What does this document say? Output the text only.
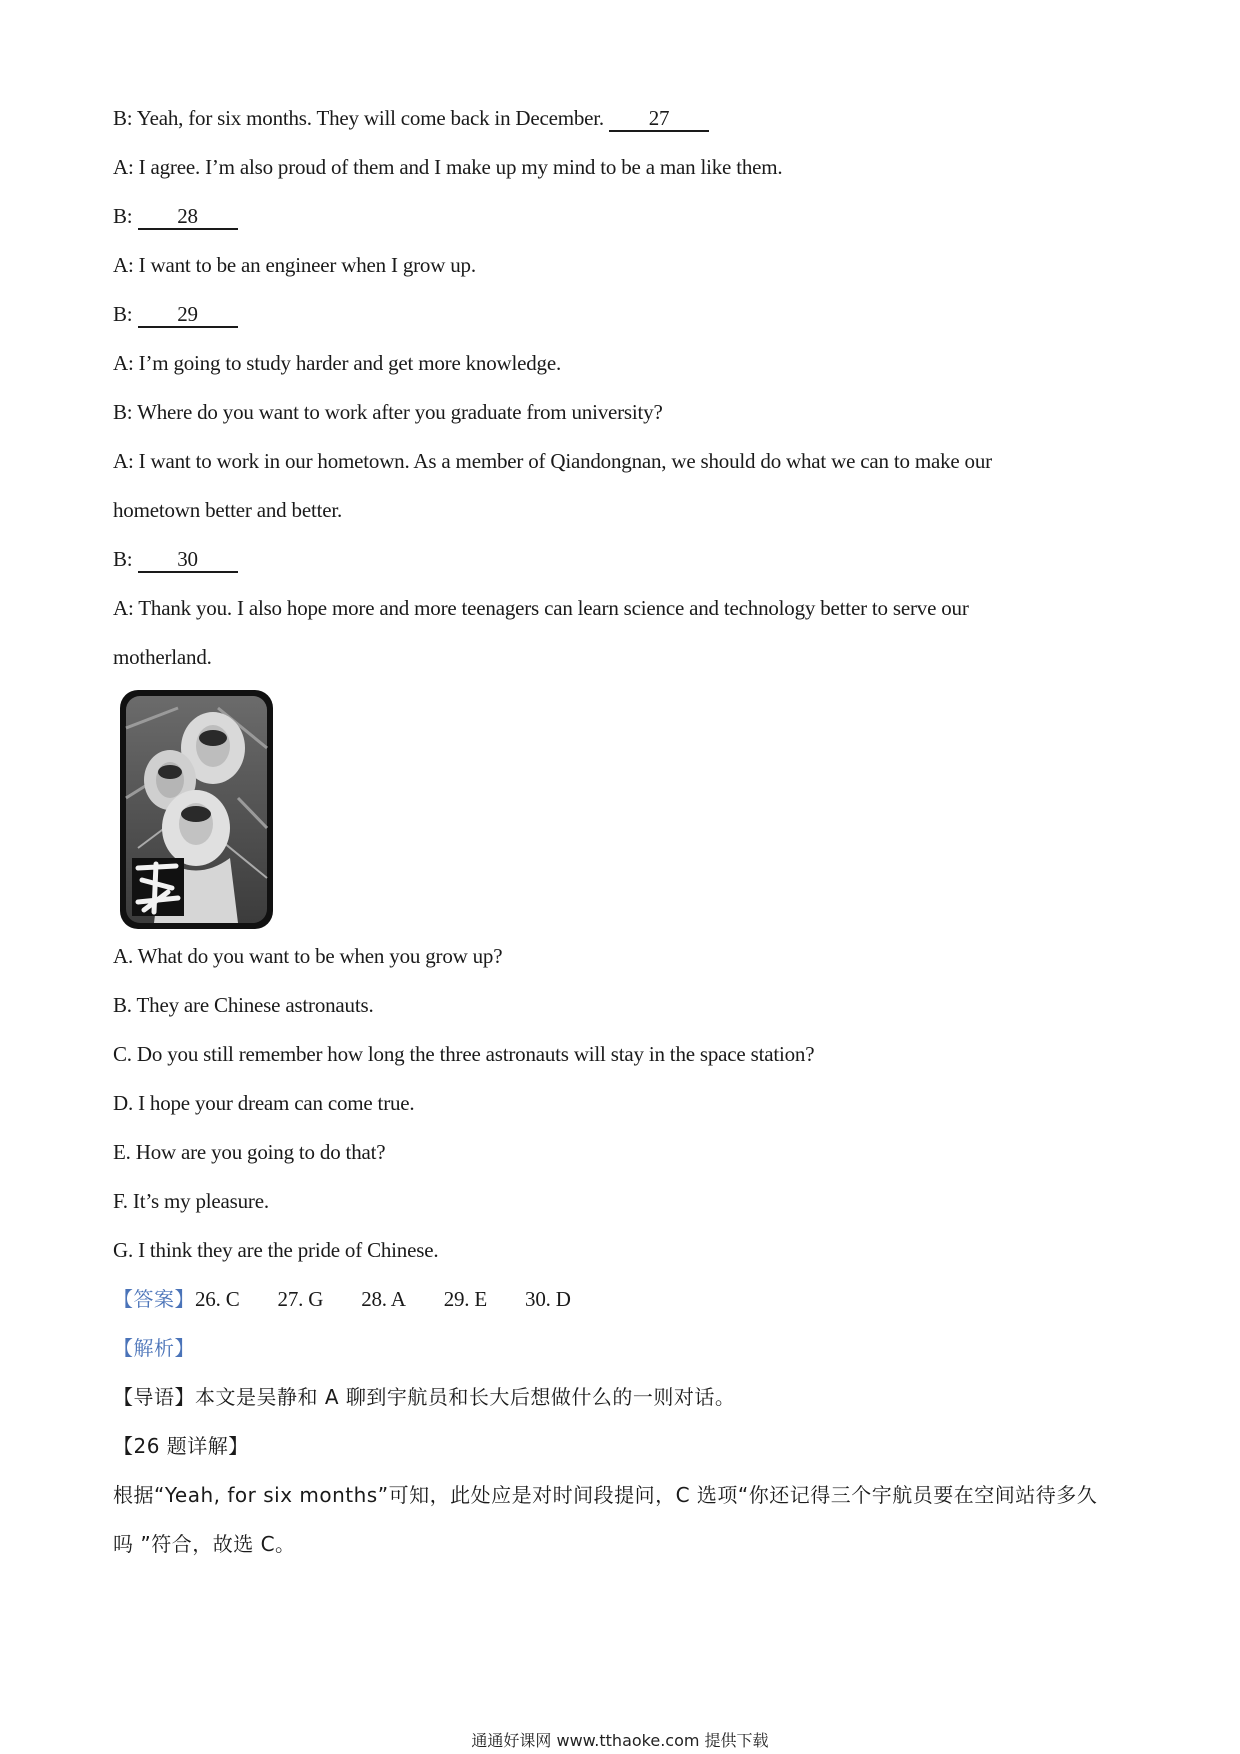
B: Yeah, for six months. They will come back in December. 27
A: I agree. I’m also proud of them and I make up my mind to be a man like them.
B: 28
A: I want to be an engineer when I grow up.
B: 29
A: I’m going to study harder and get more knowledge.
B: Where do you want to work after you graduate from university?
A: I want to work in our hometown. As a member of Qiandongnan, we should do what we can to make our
hometown better and better.
B: 30
A: Thank you. I also hope more and more teenagers can learn science and technology better to serve our
motherland.
A. What do you want to be when you grow up?
B. They are Chinese astronauts.
C. Do you still remember how long the three astronauts will stay in the space station?
D. I hope your dream can come true.
E. How are you going to do that?
F. It’s my pleasure.
G. I think they are the pride of Chinese.
【答案】26. C 27. G 28. A 29. E 30. D
【解析】
【导语】本文是吴静和 A 聊到宇航员和长大后想做什么的一则对话。
【26 题详解】
根据“Yeah, for six months”可知，此处应是对时间段提问，C 选项“你还记得三个宇航员要在空间站待多久
吗 ”符合，故选 C。
通通好课网 www.tthaoke.com 提供下载
